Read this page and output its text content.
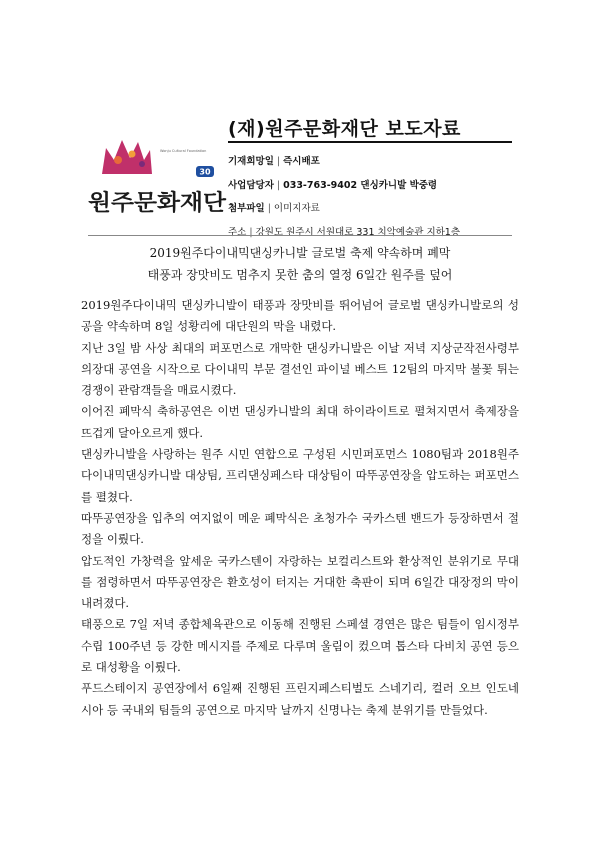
Wonju Cultural Foundation
30
원주문화재단
(재)원주문화재단 보도자료
기재희망일 | 즉시배포
사업담당자 | 033-763-9402 댄싱카니발 박중령
첨부파일 | 이미지자료
주소 | 강원도 원주시 서원대로 331 치악예술관 지하1층
2019원주다이내믹댄싱카니발 글로벌 축제 약속하며 폐막
태풍과 장맛비도 멈추지 못한 춤의 열정 6일간 원주를 덮어

2019원주다이내믹 댄싱카니발이 태풍과 장맛비를 뛰어넘어 글로벌 댄싱카니발로의 성공을 약속하며 8일 성황리에 대단원의 막을 내렸다.

지난 3일 밤 사상 최대의 퍼포먼스로 개막한 댄싱카니발은 이날 저녁 지상군작전사령부 의장대 공연을 시작으로 다이내믹 부문 결선인 파이널 베스트 12팀의 마지막 불꽃 튀는 경쟁이 관람객들을 매료시켰다.

이어진 폐막식 축하공연은 이번 댄싱카니발의 최대 하이라이트로 펼쳐지면서 축제장을 뜨겁게 달아오르게 했다.

댄싱카니발을 사랑하는 원주 시민 연합으로 구성된 시민퍼포먼스 1080팀과 2018원주다이내믹댄싱카니발 대상팀, 프리댄싱페스타 대상팀이 따뚜공연장을 압도하는 퍼포먼스를 펼쳤다.

따뚜공연장을 입추의 여지없이 메운 폐막식은 초청가수 국카스텐 밴드가 등장하면서 절정을 이뤘다.

압도적인 가창력을 앞세운 국카스텐이 자랑하는 보컬리스트와 환상적인 분위기로 무대를 점령하면서 따뚜공연장은 환호성이 터지는 거대한 축판이 되며 6일간 대장정의 막이 내려졌다.

태풍으로 7일 저녁 종합체육관으로 이동해 진행된 스페셜 경연은 많은 팀들이 임시정부수립 100주년 등 강한 메시지를 주제로 다루며 울림이 컸으며 톱스타 다비치 공연 등으로 대성황을 이뤘다.

푸드스테이지 공연장에서 6일째 진행된 프린지페스티벌도 스네기리, 컬러 오브 인도네시아 등 국내외 팀들의 공연으로 마지막 날까지 신명나는 축제 분위기를 만들었다.
